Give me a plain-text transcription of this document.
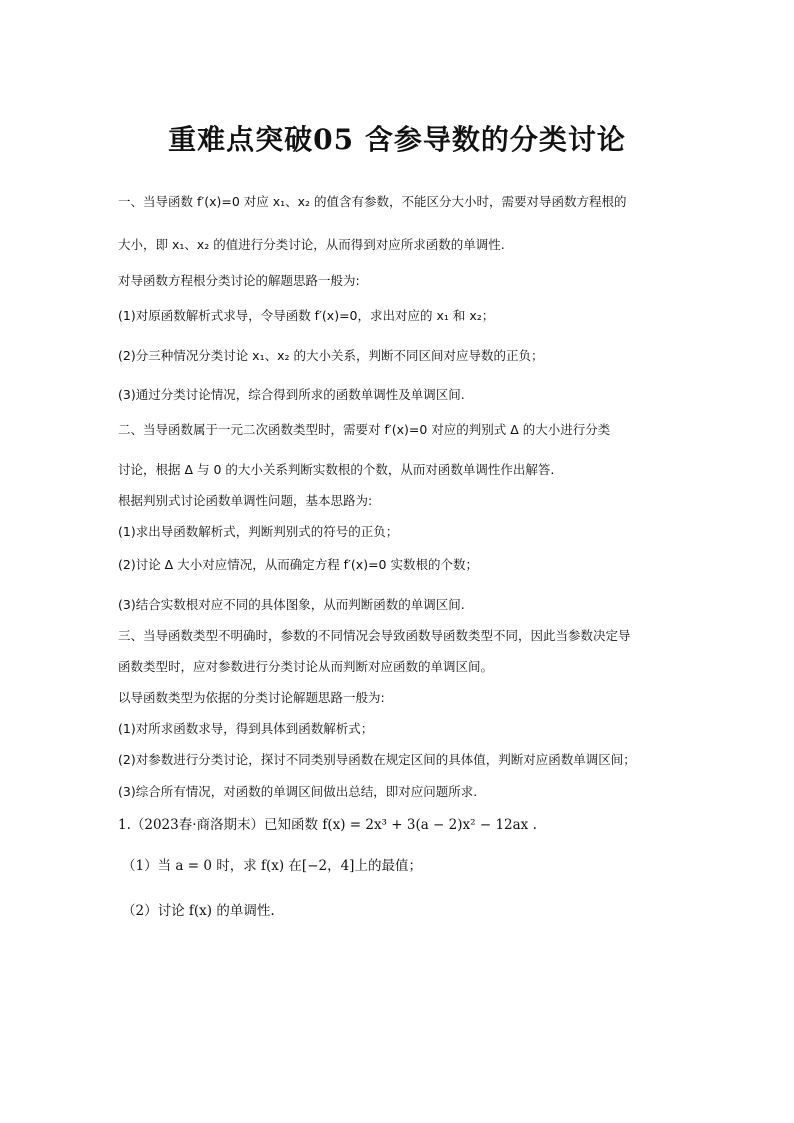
重难点突破05 含参导数的分类讨论
一、当导函数 f′(x)=0 对应 x₁、x₂ 的值含有参数，不能区分大小时，需要对导函数方程根的
大小，即 x₁、x₂ 的值进行分类讨论，从而得到对应所求函数的单调性.
对导函数方程根分类讨论的解题思路一般为:
(1)对原函数解析式求导，令导函数 f′(x)=0，求出对应的 x₁ 和 x₂；
(2)分三种情况分类讨论 x₁、x₂ 的大小关系，判断不同区间对应导数的正负；
(3)通过分类讨论情况，综合得到所求的函数单调性及单调区间.
二、当导函数属于一元二次函数类型时，需要对 f′(x)=0 对应的判别式 Δ 的大小进行分类
讨论，根据 Δ 与 0 的大小关系判断实数根的个数，从而对函数单调性作出解答.
根据判别式讨论函数单调性问题，基本思路为:
(1)求出导函数解析式，判断判别式的符号的正负；
(2)讨论 Δ 大小对应情况，从而确定方程 f′(x)=0 实数根的个数；
(3)结合实数根对应不同的具体图象，从而判断函数的单调区间.
三、当导函数类型不明确时，参数的不同情况会导致函数导函数类型不同，因此当参数决定导
函数类型时，应对参数进行分类讨论从而判断对应函数的单调区间。
以导函数类型为依据的分类讨论解题思路一般为:
(1)对所求函数求导，得到具体到函数解析式；
(2)对参数进行分类讨论，探讨不同类别导函数在规定区间的具体值，判断对应函数单调区间；
(3)综合所有情况，对函数的单调区间做出总结，即对应问题所求.
1.（2023春·商洛期末）已知函数 f(x) = 2x³ + 3(a − 2)x² − 12ax .
（1）当 a = 0 时，求 f(x) 在[−2，4]上的最值；
（2）讨论 f(x) 的单调性.
